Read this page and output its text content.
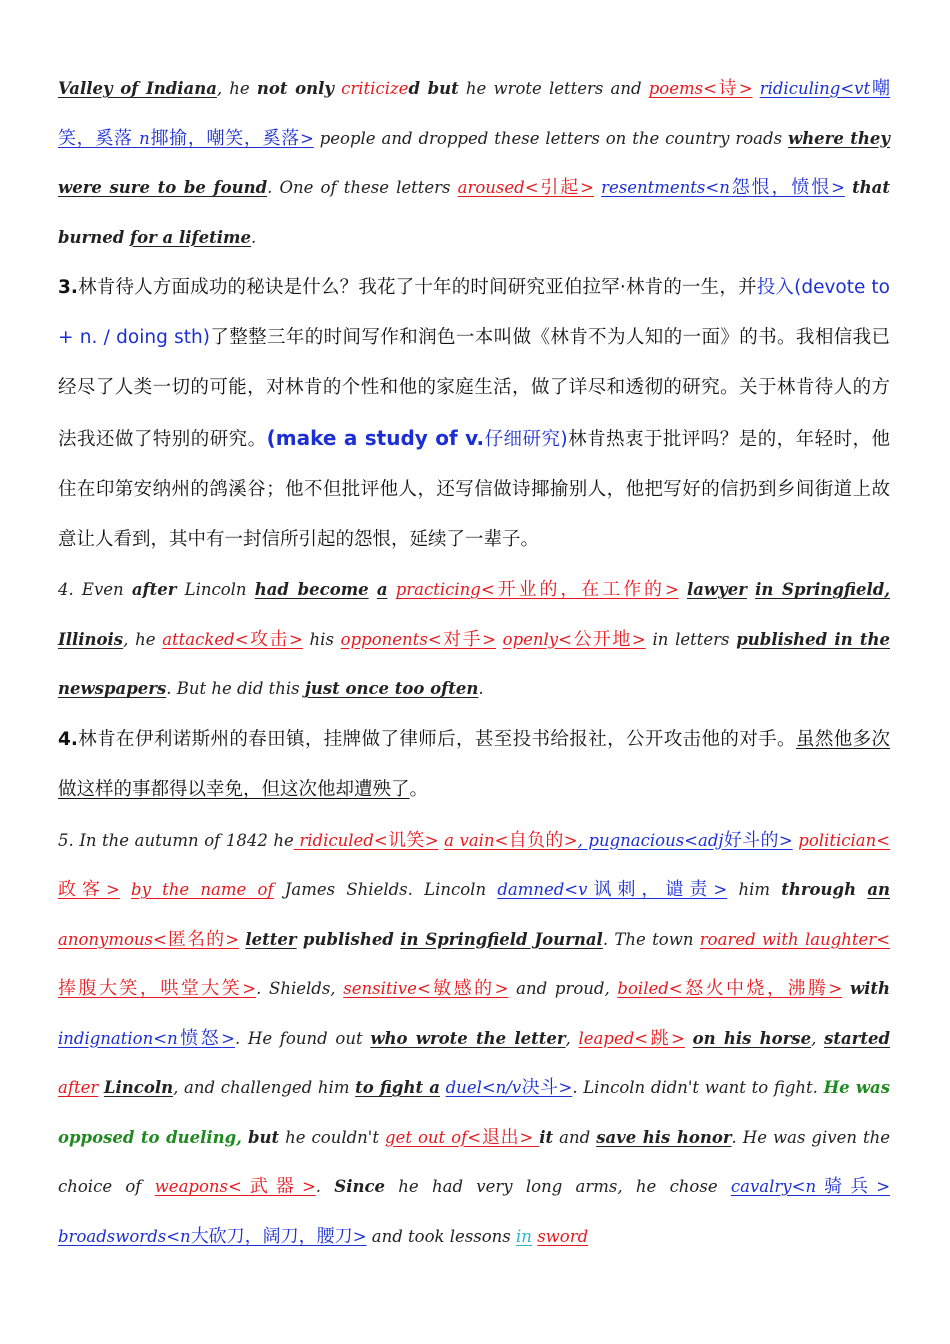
Valley of Indiana, he not only criticized but he wrote letters and poems<诗> ridiculing<vt嘲笑，奚落 n揶揄，嘲笑，奚落> people and dropped these letters on the country roads where they were sure to be found. One of these letters aroused<引起> resentments<n怨恨，愤恨> that burned for a lifetime.

3.林肯待人方面成功的秘诀是什么？我花了十年的时间研究亚伯拉罕·林肯的一生，并投入(devote to + n. / doing sth)了整整三年的时间写作和润色一本叫做《林肯不为人知的一面》的书。我相信我已经尽了人类一切的可能，对林肯的个性和他的家庭生活，做了详尽和透彻的研究。关于林肯待人的方法我还做了特别的研究。(make a study of v.仔细研究)林肯热衷于批评吗？是的，年轻时，他住在印第安纳州的鸽溪谷；他不但批评他人，还写信做诗揶揄别人，他把写好的信扔到乡间街道上故意让人看到，其中有一封信所引起的怨恨，延续了一辈子。

4. Even after Lincoln had become a practicing<开业的，在工作的> lawyer in Springfield, Illinois, he attacked<攻击> his opponents<对手> openly<公开地> in letters published in the newspapers. But he did this just once too often.

4.林肯在伊利诺斯州的春田镇，挂牌做了律师后，甚至投书给报社，公开攻击他的对手。虽然他多次做这样的事都得以幸免，但这次他却遭殃了。

5. In the autumn of 1842 he ridiculed<讥笑> a vain<自负的>, pugnacious<adj好斗的> politician<政客> by the name of James Shields. Lincoln damned<v讽刺，谴责> him through an anonymous<匿名的> letter published in Springfield Journal. The town roared with laughter<捧腹大笑，哄堂大笑>. Shields, sensitive<敏感的> and proud, boiled<怒火中烧，沸腾> with indignation<n愤怒>. He found out who wrote the letter, leaped<跳> on his horse, started after Lincoln, and challenged him to fight a duel<n/v决斗>. Lincoln didn't want to fight. He was opposed to dueling, but he couldn't get out of<退出> it and save his honor. He was given the choice of weapons<武器>. Since he had very long arms, he chose cavalry<n骑兵> broadswords<n大砍刀，阔刀，腰刀> and took lessons in sword
